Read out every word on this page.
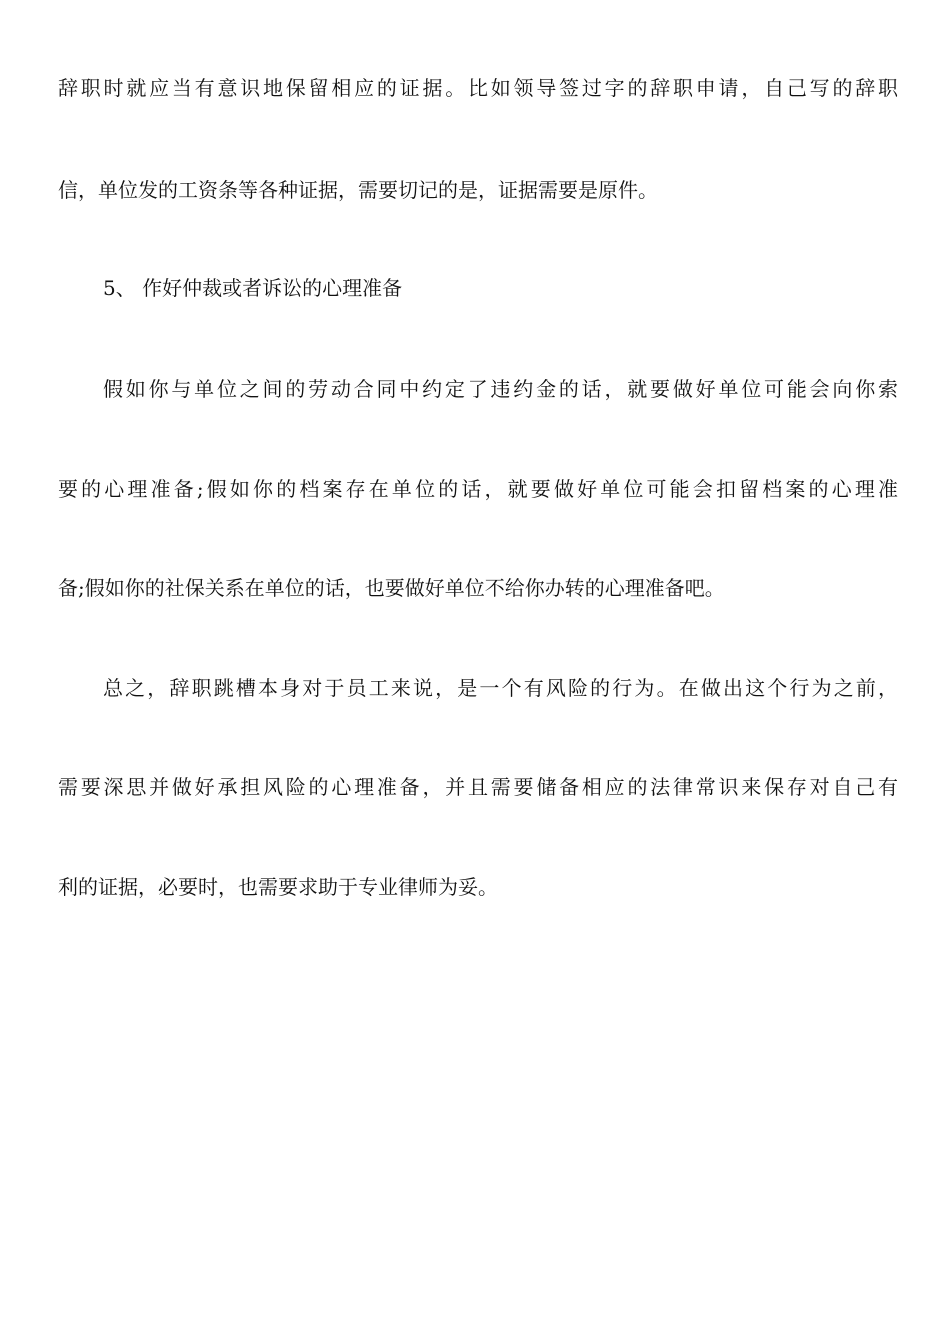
辞职时就应当有意识地保留相应的证据。比如领导签过字的辞职申请，自己写的辞职
信，单位发的工资条等各种证据，需要切记的是，证据需要是原件。
5、 作好仲裁或者诉讼的心理准备
假如你与单位之间的劳动合同中约定了违约金的话，就要做好单位可能会向你索
要的心理准备;假如你的档案存在单位的话，就要做好单位可能会扣留档案的心理准
备;假如你的社保关系在单位的话，也要做好单位不给你办转的心理准备吧。
总之，辞职跳槽本身对于员工来说，是一个有风险的行为。在做出这个行为之前，
需要深思并做好承担风险的心理准备，并且需要储备相应的法律常识来保存对自己有
利的证据，必要时，也需要求助于专业律师为妥。
